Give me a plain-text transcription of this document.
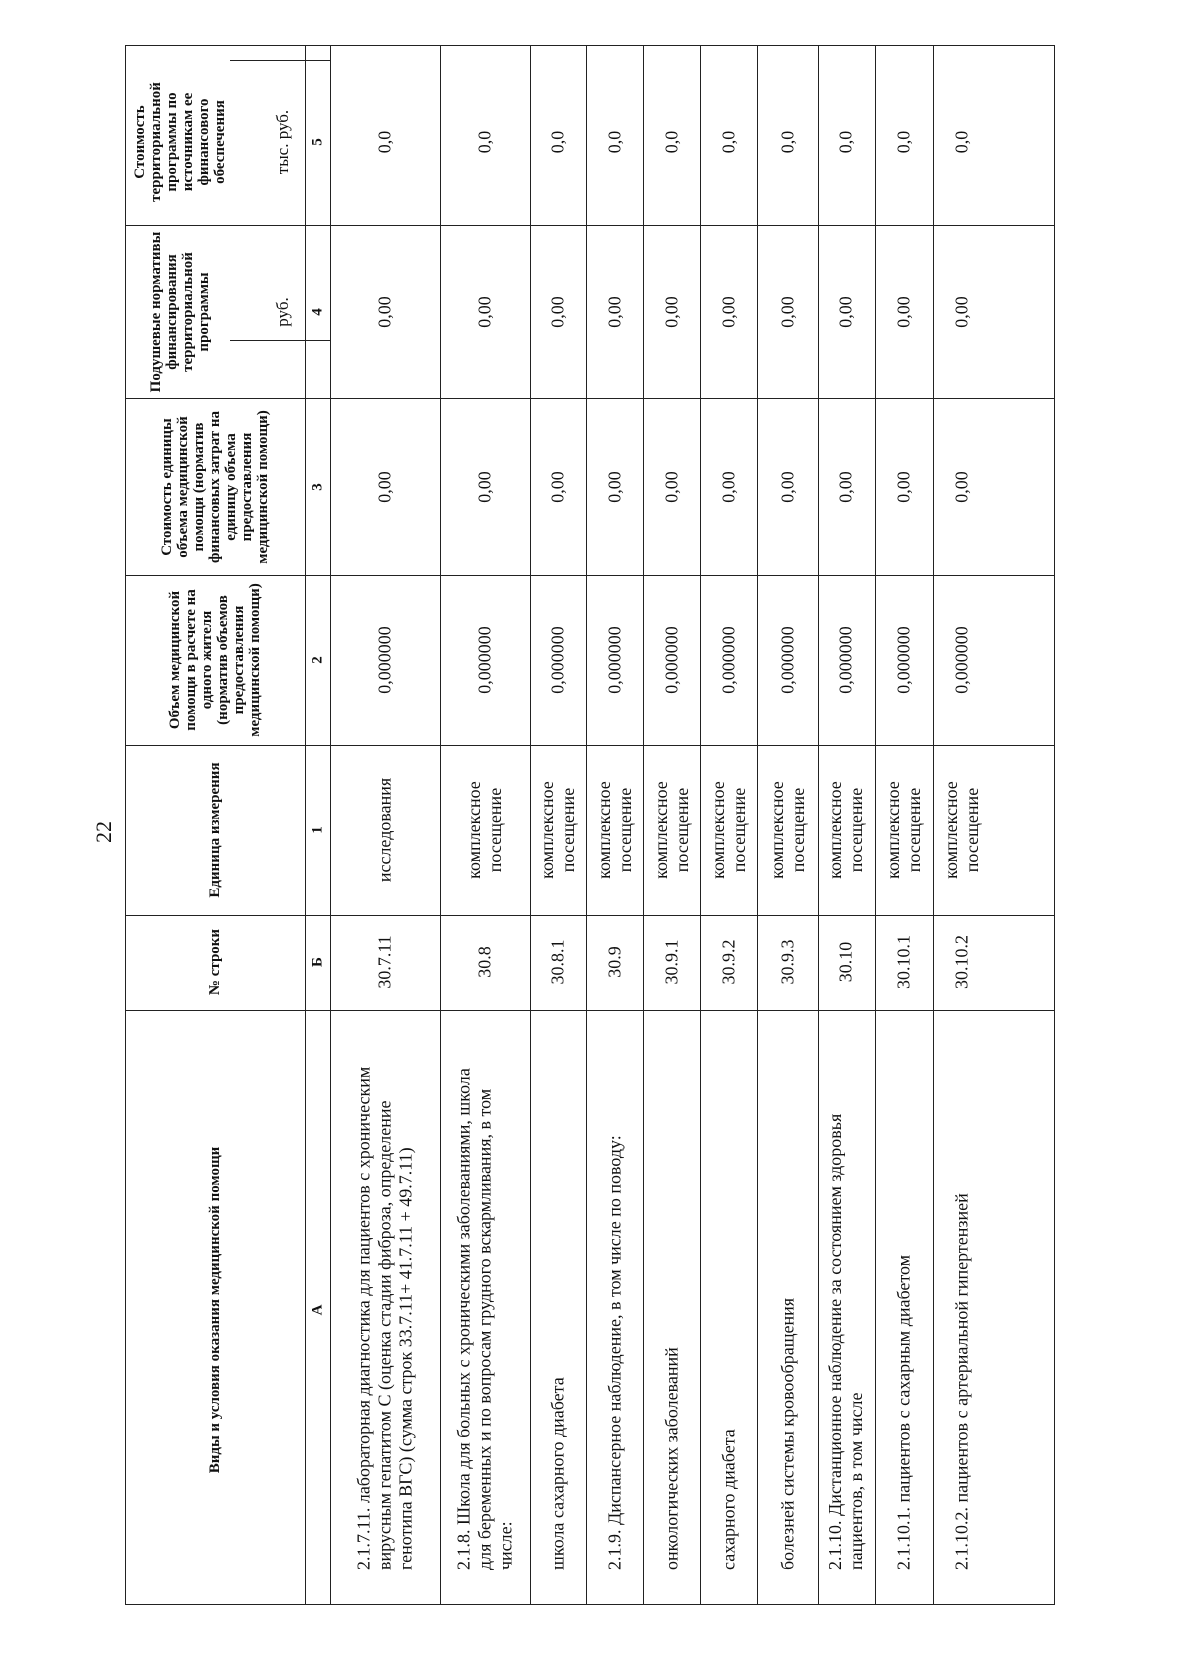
22
Виды и условия оказания медицинской помощи
№ строки
Единица измерения
Объем медицинской помощи в расчете на одного жителя (норматив объемов предоставления медицинской помощи)
Стоимость единицы объема медицинской помощи (норматив финансовых затрат на единицу объема предоставления медицинской помощи)
Подушевые нормативы финансирования территориальной программы
Стоимость территориальной программы по источникам ее финансового обеспечения
руб.
тыс. руб.
А
Б
1
2
3
4
5
2.1.7.11. лабораторная диагностика для пациентов с хроническим вирусным гепатитом С (оценка стадии фиброза, определение генотипа ВГС) (сумма строк 33.7.11+ 41.7.11 + 49.7.11)
30.7.11
исследования
0,000000
0,00
0,00
0,0
2.1.8. Школа для больных с хроническими заболеваниями, школа для беременных и по вопросам грудного вскармливания, в том числе:
30.8
комплексное посещение
0,000000
0,00
0,00
0,0
школа сахарного диабета
30.8.1
комплексное посещение
0,000000
0,00
0,00
0,0
2.1.9. Диспансерное наблюдение, в том числе по поводу:
30.9
комплексное посещение
0,000000
0,00
0,00
0,0
онкологических заболеваний
30.9.1
комплексное посещение
0,000000
0,00
0,00
0,0
сахарного диабета
30.9.2
комплексное посещение
0,000000
0,00
0,00
0,0
болезней системы кровообращения
30.9.3
комплексное посещение
0,000000
0,00
0,00
0,0
2.1.10. Дистанционное наблюдение за состоянием здоровья пациентов, в том числе
30.10
комплексное посещение
0,000000
0,00
0,00
0,0
2.1.10.1. пациентов с сахарным диабетом
30.10.1
комплексное посещение
0,000000
0,00
0,00
0,0
2.1.10.2. пациентов с артериальной гипертензией
30.10.2
комплексное посещение
0,000000
0,00
0,00
0,0
